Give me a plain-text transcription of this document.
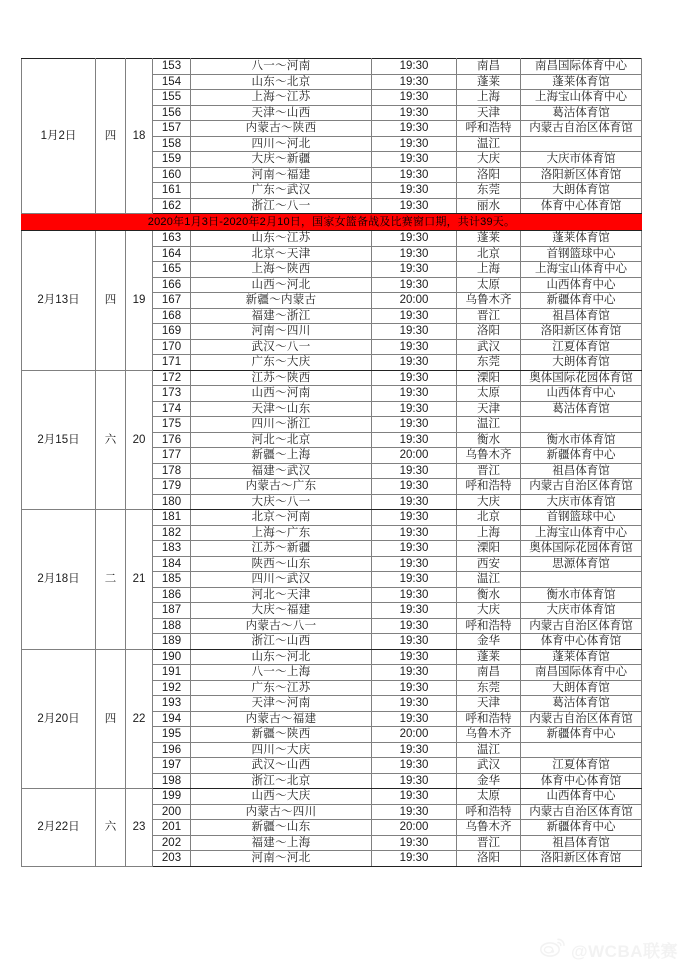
1月2日	四	18	153	八一～河南	19:30	南昌	南昌国际体育中心
			154	山东～北京	19:30	蓬莱	蓬莱体育馆
			155	上海～江苏	19:30	上海	上海宝山体育中心
			156	天津～山西	19:30	天津	葛沽体育馆
			157	内蒙古～陕西	19:30	呼和浩特	内蒙古自治区体育馆
			158	四川～河北	19:30	温江	
			159	大庆～新疆	19:30	大庆	大庆市体育馆
			160	河南～福建	19:30	洛阳	洛阳新区体育馆
			161	广东～武汉	19:30	东莞	大朗体育馆
			162	浙江～八一	19:30	丽水	体育中心体育馆
2020年1月3日-2020年2月10日，国家女篮备战及比赛窗口期，共计39天。							
2月13日	四	19	163	山东～江苏	19:30	蓬莱	蓬莱体育馆
			164	北京～天津	19:30	北京	首钢篮球中心
			165	上海～陕西	19:30	上海	上海宝山体育中心
			166	山西～河北	19:30	太原	山西体育中心
			167	新疆～内蒙古	20:00	乌鲁木齐	新疆体育中心
			168	福建～浙江	19:30	晋江	祖昌体育馆
			169	河南～四川	19:30	洛阳	洛阳新区体育馆
			170	武汉～八一	19:30	武汉	江夏体育馆
			171	广东～大庆	19:30	东莞	大朗体育馆
2月15日	六	20	172	江苏～陕西	19:30	溧阳	奥体国际花园体育馆
			173	山西～河南	19:30	太原	山西体育中心
			174	天津～山东	19:30	天津	葛沽体育馆
			175	四川～浙江	19:30	温江	
			176	河北～北京	19:30	衡水	衡水市体育馆
			177	新疆～上海	20:00	乌鲁木齐	新疆体育中心
			178	福建～武汉	19:30	晋江	祖昌体育馆
			179	内蒙古～广东	19:30	呼和浩特	内蒙古自治区体育馆
			180	大庆～八一	19:30	大庆	大庆市体育馆
2月18日	二	21	181	北京～河南	19:30	北京	首钢篮球中心
			182	上海～广东	19:30	上海	上海宝山体育中心
			183	江苏～新疆	19:30	溧阳	奥体国际花园体育馆
			184	陕西～山东	19:30	西安	思源体育馆
			185	四川～武汉	19:30	温江	
			186	河北～天津	19:30	衡水	衡水市体育馆
			187	大庆～福建	19:30	大庆	大庆市体育馆
			188	内蒙古～八一	19:30	呼和浩特	内蒙古自治区体育馆
			189	浙江～山西	19:30	金华	体育中心体育馆
2月20日	四	22	190	山东～河北	19:30	蓬莱	蓬莱体育馆
			191	八一～上海	19:30	南昌	南昌国际体育中心
			192	广东～江苏	19:30	东莞	大朗体育馆
			193	天津～河南	19:30	天津	葛沽体育馆
			194	内蒙古～福建	19:30	呼和浩特	内蒙古自治区体育馆
			195	新疆～陕西	20:00	乌鲁木齐	新疆体育中心
			196	四川～大庆	19:30	温江	
			197	武汉～山西	19:30	武汉	江夏体育馆
			198	浙江～北京	19:30	金华	体育中心体育馆
2月22日	六	23	199	山西～大庆	19:30	太原	山西体育中心
			200	内蒙古～四川	19:30	呼和浩特	内蒙古自治区体育馆
			201	新疆～山东	20:00	乌鲁木齐	新疆体育中心
			202	福建～上海	19:30	晋江	祖昌体育馆
			203	河南～河北	19:30	洛阳	洛阳新区体育馆
@WCBA联赛
